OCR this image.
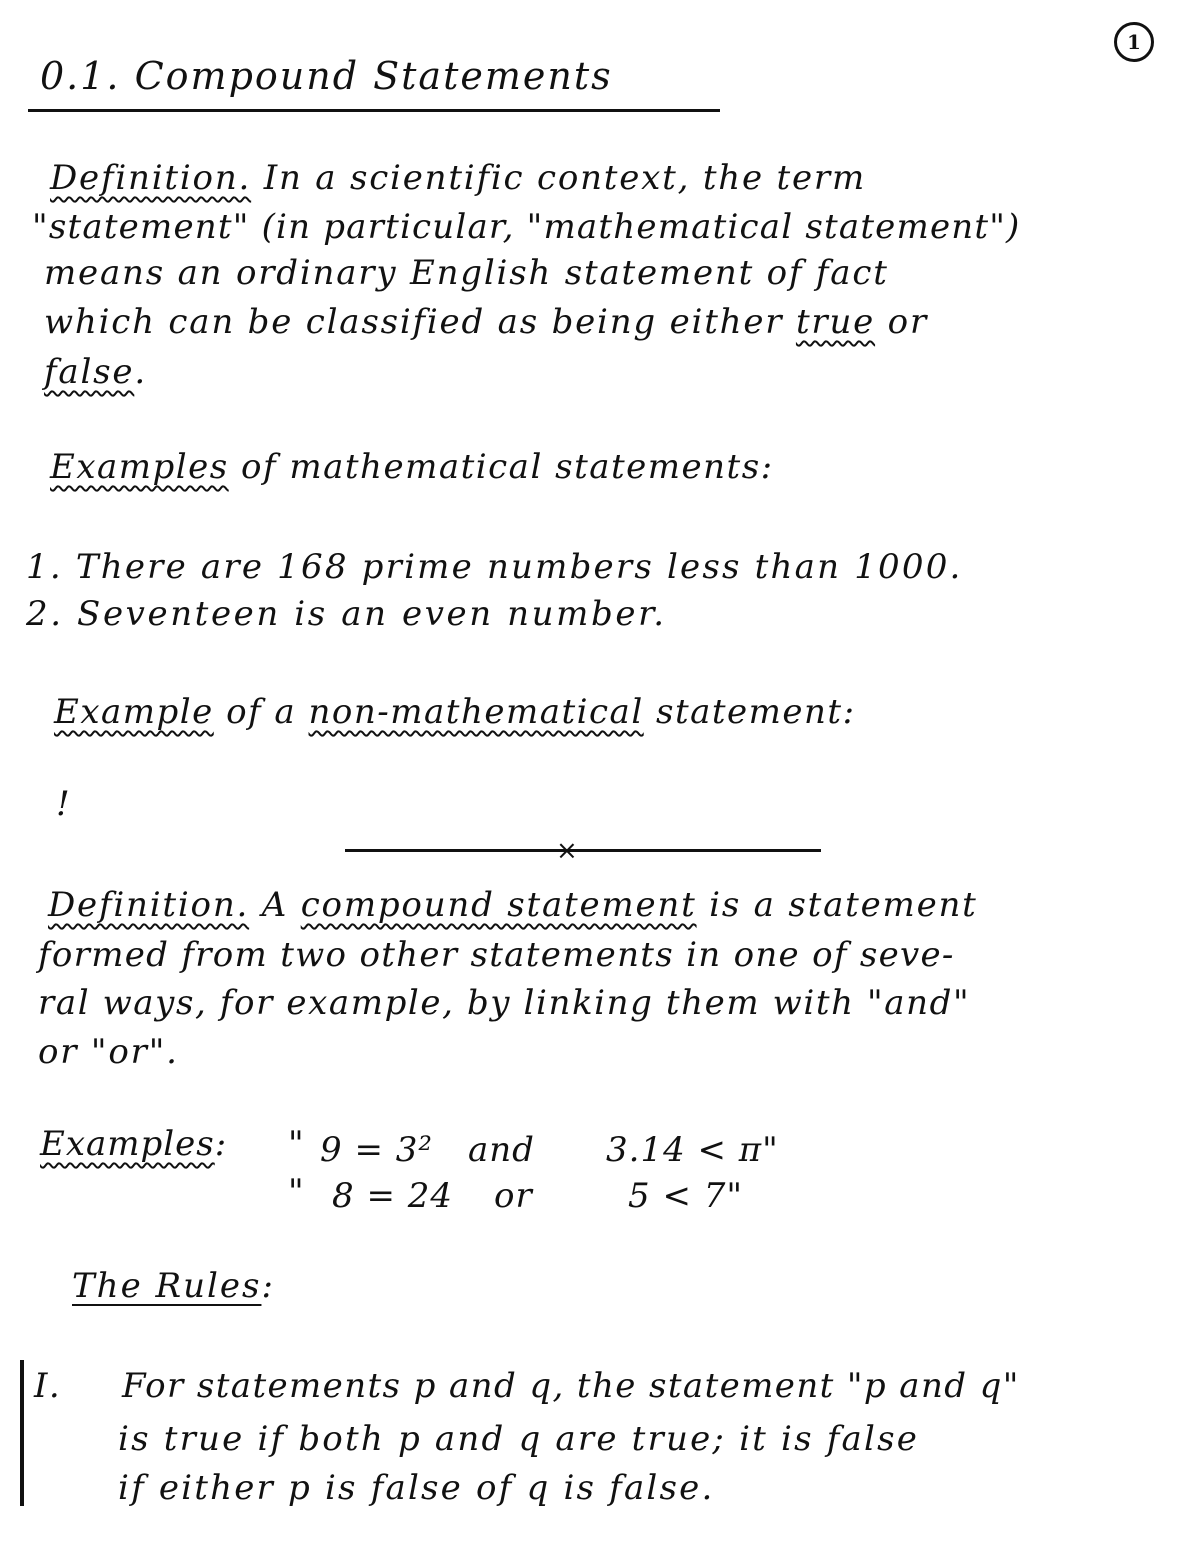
1
0.1. Compound Statements
Definition. In a scientific context, the term
"statement" (in particular, "mathematical statement")
means an ordinary English statement of fact
which can be classified as being either true or
false.
Examples of mathematical statements:
1. There are 168 prime numbers less than 1000.
2. Seventeen is an even number.
Example of a non-mathematical statement:
!
×
Definition. A compound statement is a statement
formed from two other statements in one of seve-
ral ways, for example, by linking them with "and"
or "or".
Examples: " 9 = 3² and 3.14 < π"
" 8 = 24 or	5 < 7"
The Rules:
I. For statements p and q, the statement "p and q"
is true if both p and q are true; it is false
if either p is false of q is false.
